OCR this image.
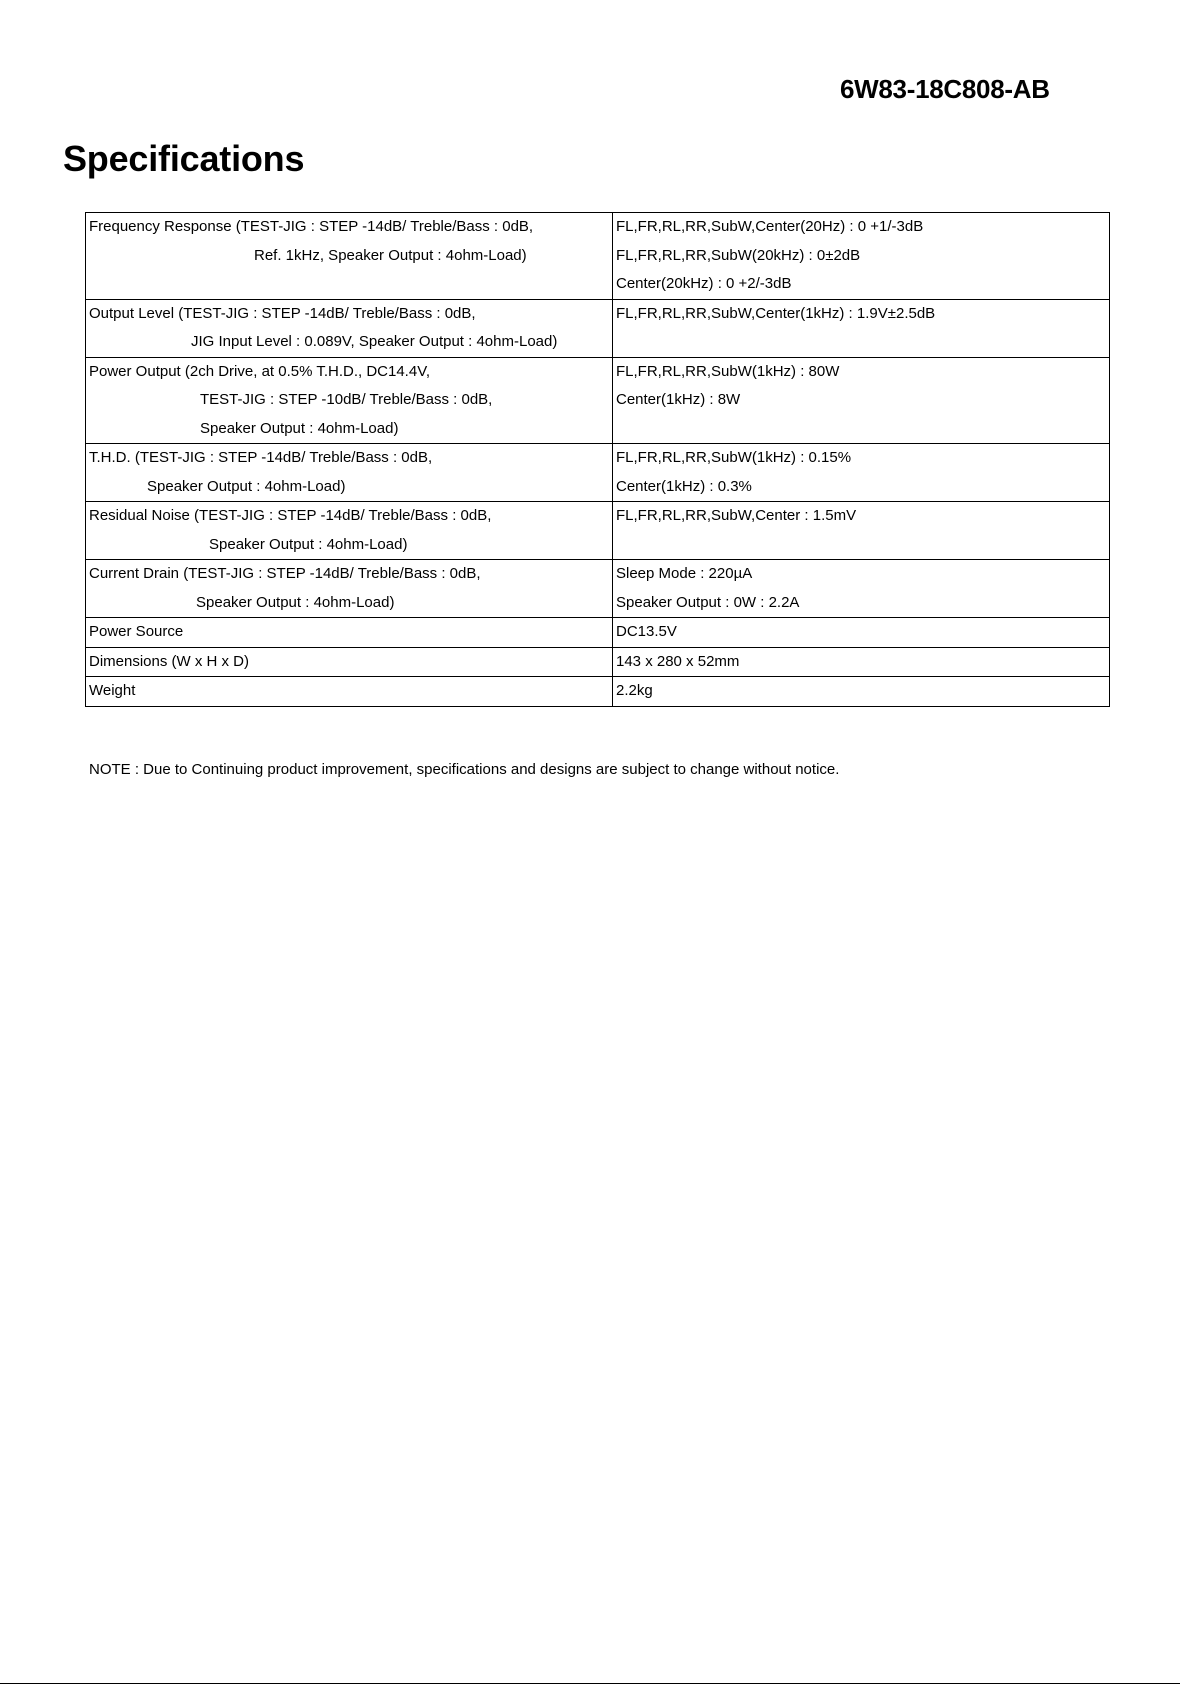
6W83-18C808-AB
Specifications
Frequency Response (TEST-JIG : STEP -14dB/ Treble/Bass : 0dB,
Ref. 1kHz, Speaker Output : 4ohm-Load)	FL,FR,RL,RR,SubW,Center(20Hz) : 0 +1/-3dB
FL,FR,RL,RR,SubW(20kHz) : 0±2dB
Center(20kHz) : 0 +2/-3dB

Output Level (TEST-JIG : STEP -14dB/ Treble/Bass : 0dB,
JIG Input Level : 0.089V, Speaker Output : 4ohm-Load)	FL,FR,RL,RR,SubW,Center(1kHz) : 1.9V±2.5dB

Power Output (2ch Drive, at 0.5% T.H.D., DC14.4V,
TEST-JIG : STEP -10dB/ Treble/Bass : 0dB,
Speaker Output : 4ohm-Load)	FL,FR,RL,RR,SubW(1kHz) : 80W
Center(1kHz) : 8W

T.H.D. (TEST-JIG : STEP -14dB/ Treble/Bass : 0dB,
Speaker Output : 4ohm-Load)	FL,FR,RL,RR,SubW(1kHz) : 0.15%
Center(1kHz) : 0.3%

Residual Noise (TEST-JIG : STEP -14dB/ Treble/Bass : 0dB,
Speaker Output : 4ohm-Load)	FL,FR,RL,RR,SubW,Center : 1.5mV

Current Drain (TEST-JIG : STEP -14dB/ Treble/Bass : 0dB,
Speaker Output : 4ohm-Load)	Sleep Mode : 220µA
Speaker Output : 0W : 2.2A

Power Source	DC13.5V

Dimensions (W x H x D)	143 x 280 x 52mm

Weight	2.2kg
NOTE : Due to Continuing product improvement, specifications and designs are subject to change without notice.
